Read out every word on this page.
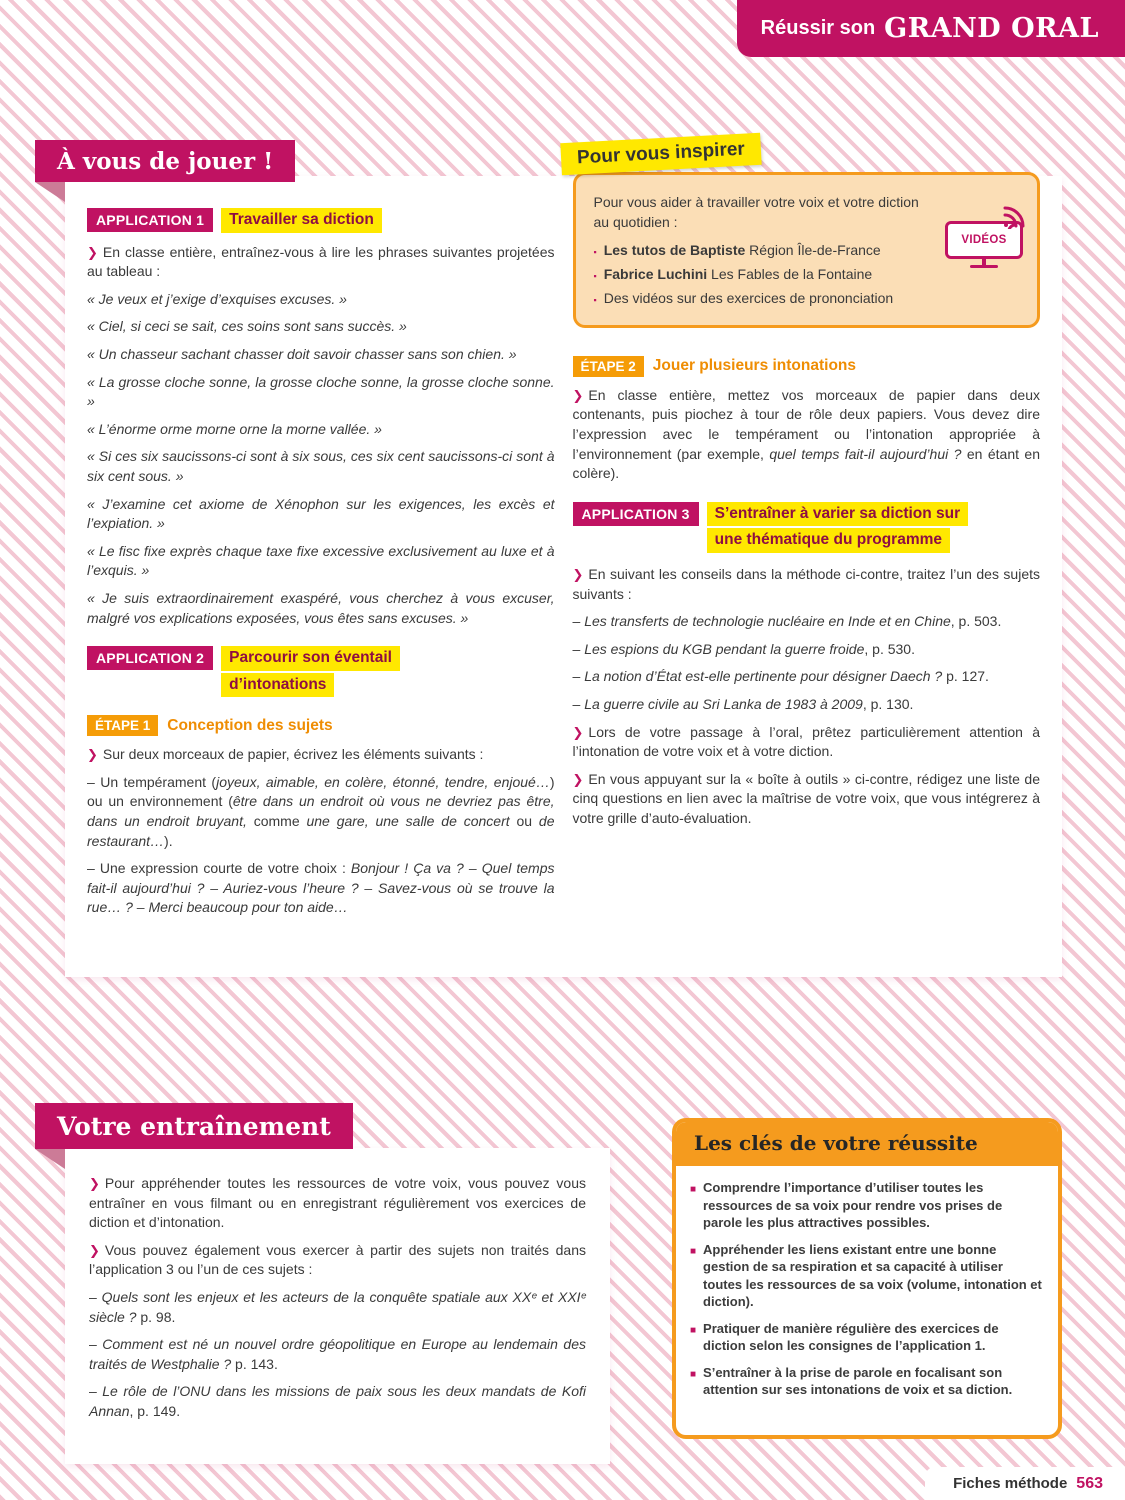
Réussir son GRAND ORAL
À vous de jouer !
Votre entraînement
APPLICATION 1	Travailler sa diction

❯ En classe entière, entraînez-vous à lire les phrases suivantes projetées au tableau :

« Je veux et j’exige d’exquises excuses. »

« Ciel, si ceci se sait, ces soins sont sans succès. »

« Un chasseur sachant chasser doit savoir chasser sans son chien. »

« La grosse cloche sonne, la grosse cloche sonne, la grosse cloche sonne. »

« L’énorme orme morne orne la morne vallée. »

« Si ces six saucissons-ci sont à six sous, ces six cent saucissons-ci sont à six cent sous. »

« J’examine cet axiome de Xénophon sur les exigences, les excès et l’expiation. »

« Le fisc fixe exprès chaque taxe fixe excessive exclusivement au luxe et à l’exquis. »

« Je suis extraordinairement exaspéré, vous cherchez à vous excuser, malgré vos explications exposées, vous êtes sans excuses. »

APPLICATION 2	Parcourir son éventail
d’intonations
ÉTAPE 1	Conception des sujets

❯ Sur deux morceaux de papier, écrivez les éléments suivants :

– Un tempérament (joyeux, aimable, en colère, étonné, tendre, enjoué…) ou un environnement (être dans un endroit où vous ne devriez pas être, dans un endroit bruyant, comme une gare, une salle de concert ou de restaurant…).

– Une expression courte de votre choix : Bonjour ! Ça va ? – Quel temps fait-il aujourd’hui ? – Auriez-vous l’heure ? – Savez-vous où se trouve la rue… ? – Merci beaucoup pour ton aide…

Pour vous inspirer

Pour vous aider à travailler votre voix et votre diction au quotidien :

▪ Les tutos de Baptiste Région Île-de-France
▪ Fabrice Luchini Les Fables de la Fontaine
▪ Des vidéos sur des exercices de prononciation
VIDÉOS
ÉTAPE 2	Jouer plusieurs intonations

❯ En classe entière, mettez vos morceaux de papier dans deux contenants, puis piochez à tour de rôle deux papiers. Vous devez dire l’expression avec le tempérament ou l’intonation appropriée à l’environnement (par exemple, quel temps fait-il aujourd’hui ? en étant en colère).

APPLICATION 3	S’entraîner à varier sa diction sur
une thématique du programme

❯ En suivant les conseils dans la méthode ci-contre, traitez l’un des sujets suivants :

– Les transferts de technologie nucléaire en Inde et en Chine, p. 503.

– Les espions du KGB pendant la guerre froide, p. 530.

– La notion d’État est-elle pertinente pour désigner Daech ? p. 127.

– La guerre civile au Sri Lanka de 1983 à 2009, p. 130.

❯ Lors de votre passage à l’oral, prêtez particulièrement attention à l’intonation de votre voix et à votre diction.

❯ En vous appuyant sur la « boîte à outils » ci-contre, rédigez une liste de cinq questions en lien avec la maîtrise de votre voix, que vous intégrerez à votre grille d’auto-évaluation.

❯ Pour appréhender toutes les ressources de votre voix, vous pouvez vous entraîner en vous filmant ou en enregistrant régulièrement vos exercices de diction et d’intonation.

❯ Vous pouvez également vous exercer à partir des sujets non traités dans l’application 3 ou l’un de ces sujets :

– Quels sont les enjeux et les acteurs de la conquête spatiale aux XXᵉ et XXIᵉ siècle ? p. 98.

– Comment est né un nouvel ordre géopolitique en Europe au lendemain des traités de Westphalie ? p. 143.

– Le rôle de l’ONU dans les missions de paix sous les deux mandats de Kofi Annan, p. 149.

Les clés de votre réussite
■ Comprendre l’importance d’utiliser toutes les ressources de sa voix pour rendre vos prises de parole les plus attractives possibles.
■ Appréhender les liens existant entre une bonne gestion de sa respiration et sa capacité à utiliser toutes les ressources de sa voix (volume, intonation et diction).
■ Pratiquer de manière régulière des exercices de diction selon les consignes de l’application 1.
■ S’entraîner à la prise de parole en focalisant son attention sur ses intonations de voix et sa diction.
Fiches méthode 563
